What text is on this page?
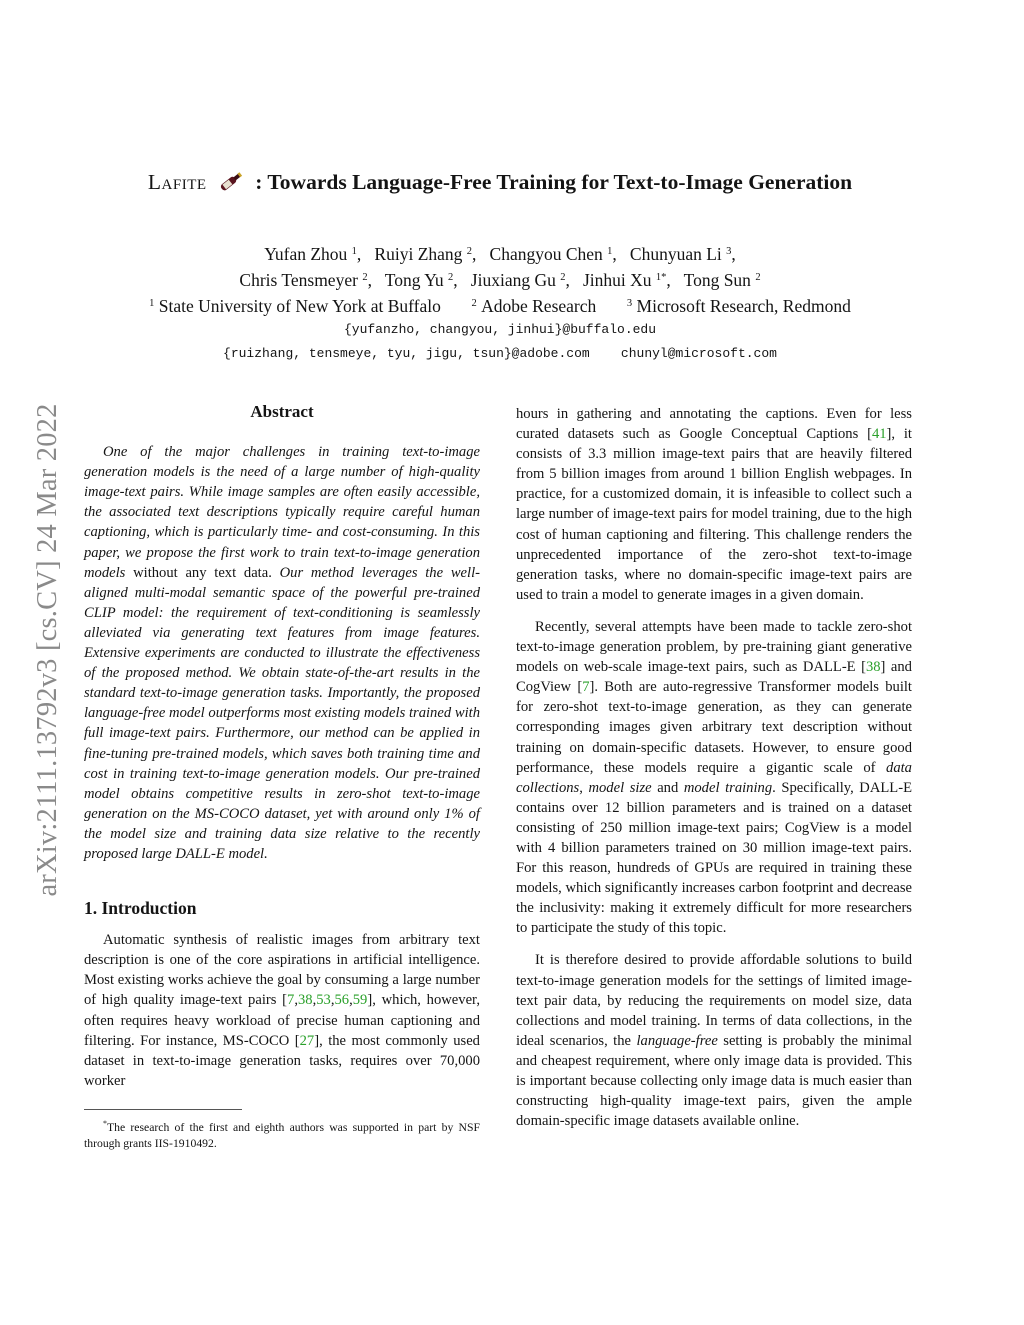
arXiv:2111.13792v3 [cs.CV] 24 Mar 2022
Lafite : Towards Language-Free Training for Text-to-Image Generation
Yufan Zhou $^1$, Ruiyi Zhang $^2$, Changyou Chen $^1$, Chunyuan Li $^3$,
Chris Tensmeyer $^2$, Tong Yu $^2$, Jiuxiang Gu $^2$, Jinhui Xu $^{1*}$, Tong Sun $^2$
$^1$ State University of New York at Buffalo	$^2$ Adobe Research	$^3$ Microsoft Research, Redmond
{yufanzho, changyou, jinhui}@buffalo.edu
{ruizhang, tensmeye, tyu, jigu, tsun}@adobe.com chunyl@microsoft.com

Abstract

One of the major challenges in training text-to-image generation models is the need of a large number of high-quality image-text pairs. While image samples are often easily accessible, the associated text descriptions typically require careful human captioning, which is particularly time- and cost-consuming. In this paper, we propose the first work to train text-to-image generation models without any text data. Our method leverages the well-aligned multi-modal semantic space of the powerful pre-trained CLIP model: the requirement of text-conditioning is seamlessly alleviated via generating text features from image features. Extensive experiments are conducted to illustrate the effectiveness of the proposed method. We obtain state-of-the-art results in the standard text-to-image generation tasks. Importantly, the proposed language-free model outperforms most existing models trained with full image-text pairs. Furthermore, our method can be applied in fine-tuning pre-trained models, which saves both training time and cost in training text-to-image generation models. Our pre-trained model obtains competitive results in zero-shot text-to-image generation on the MS-COCO dataset, yet with around only 1% of the model size and training data size relative to the recently proposed large DALL-E model.

1. Introduction

Automatic synthesis of realistic images from arbitrary text description is one of the core aspirations in artificial intelligence. Most existing works achieve the goal by consuming a large number of high quality image-text pairs [7,38,53,56,59], which, however, often requires heavy workload of precise human captioning and filtering. For instance, MS-COCO [27], the most commonly used dataset in text-to-image generation tasks, requires over 70,000 worker

*The research of the first and eighth authors was supported in part by NSF through grants IIS-1910492.

hours in gathering and annotating the captions. Even for less curated datasets such as Google Conceptual Captions [41], it consists of 3.3 million image-text pairs that are heavily filtered from 5 billion images from around 1 billion English webpages. In practice, for a customized domain, it is infeasible to collect such a large number of image-text pairs for model training, due to the high cost of human captioning and filtering. This challenge renders the unprecedented importance of the zero-shot text-to-image generation tasks, where no domain-specific image-text pairs are used to train a model to generate images in a given domain.

Recently, several attempts have been made to tackle zero-shot text-to-image generation problem, by pre-training giant generative models on web-scale image-text pairs, such as DALL-E [38] and CogView [7]. Both are auto-regressive Transformer models built for zero-shot text-to-image generation, as they can generate corresponding images given arbitrary text description without training on domain-specific datasets. However, to ensure good performance, these models require a gigantic scale of data collections, model size and model training. Specifically, DALL-E contains over 12 billion parameters and is trained on a dataset consisting of 250 million image-text pairs; CogView is a model with 4 billion parameters trained on 30 million image-text pairs. For this reason, hundreds of GPUs are required in training these models, which significantly increases carbon footprint and decrease the inclusivity: making it extremely difficult for more researchers to participate the study of this topic.

It is therefore desired to provide affordable solutions to build text-to-image generation models for the settings of limited image-text pair data, by reducing the requirements on model size, data collections and model training. In terms of data collections, in the ideal scenarios, the language-free setting is probably the minimal and cheapest requirement, where only image data is provided. This is important because collecting only image data is much easier than constructing high-quality image-text pairs, given the ample domain-specific image datasets available online.
